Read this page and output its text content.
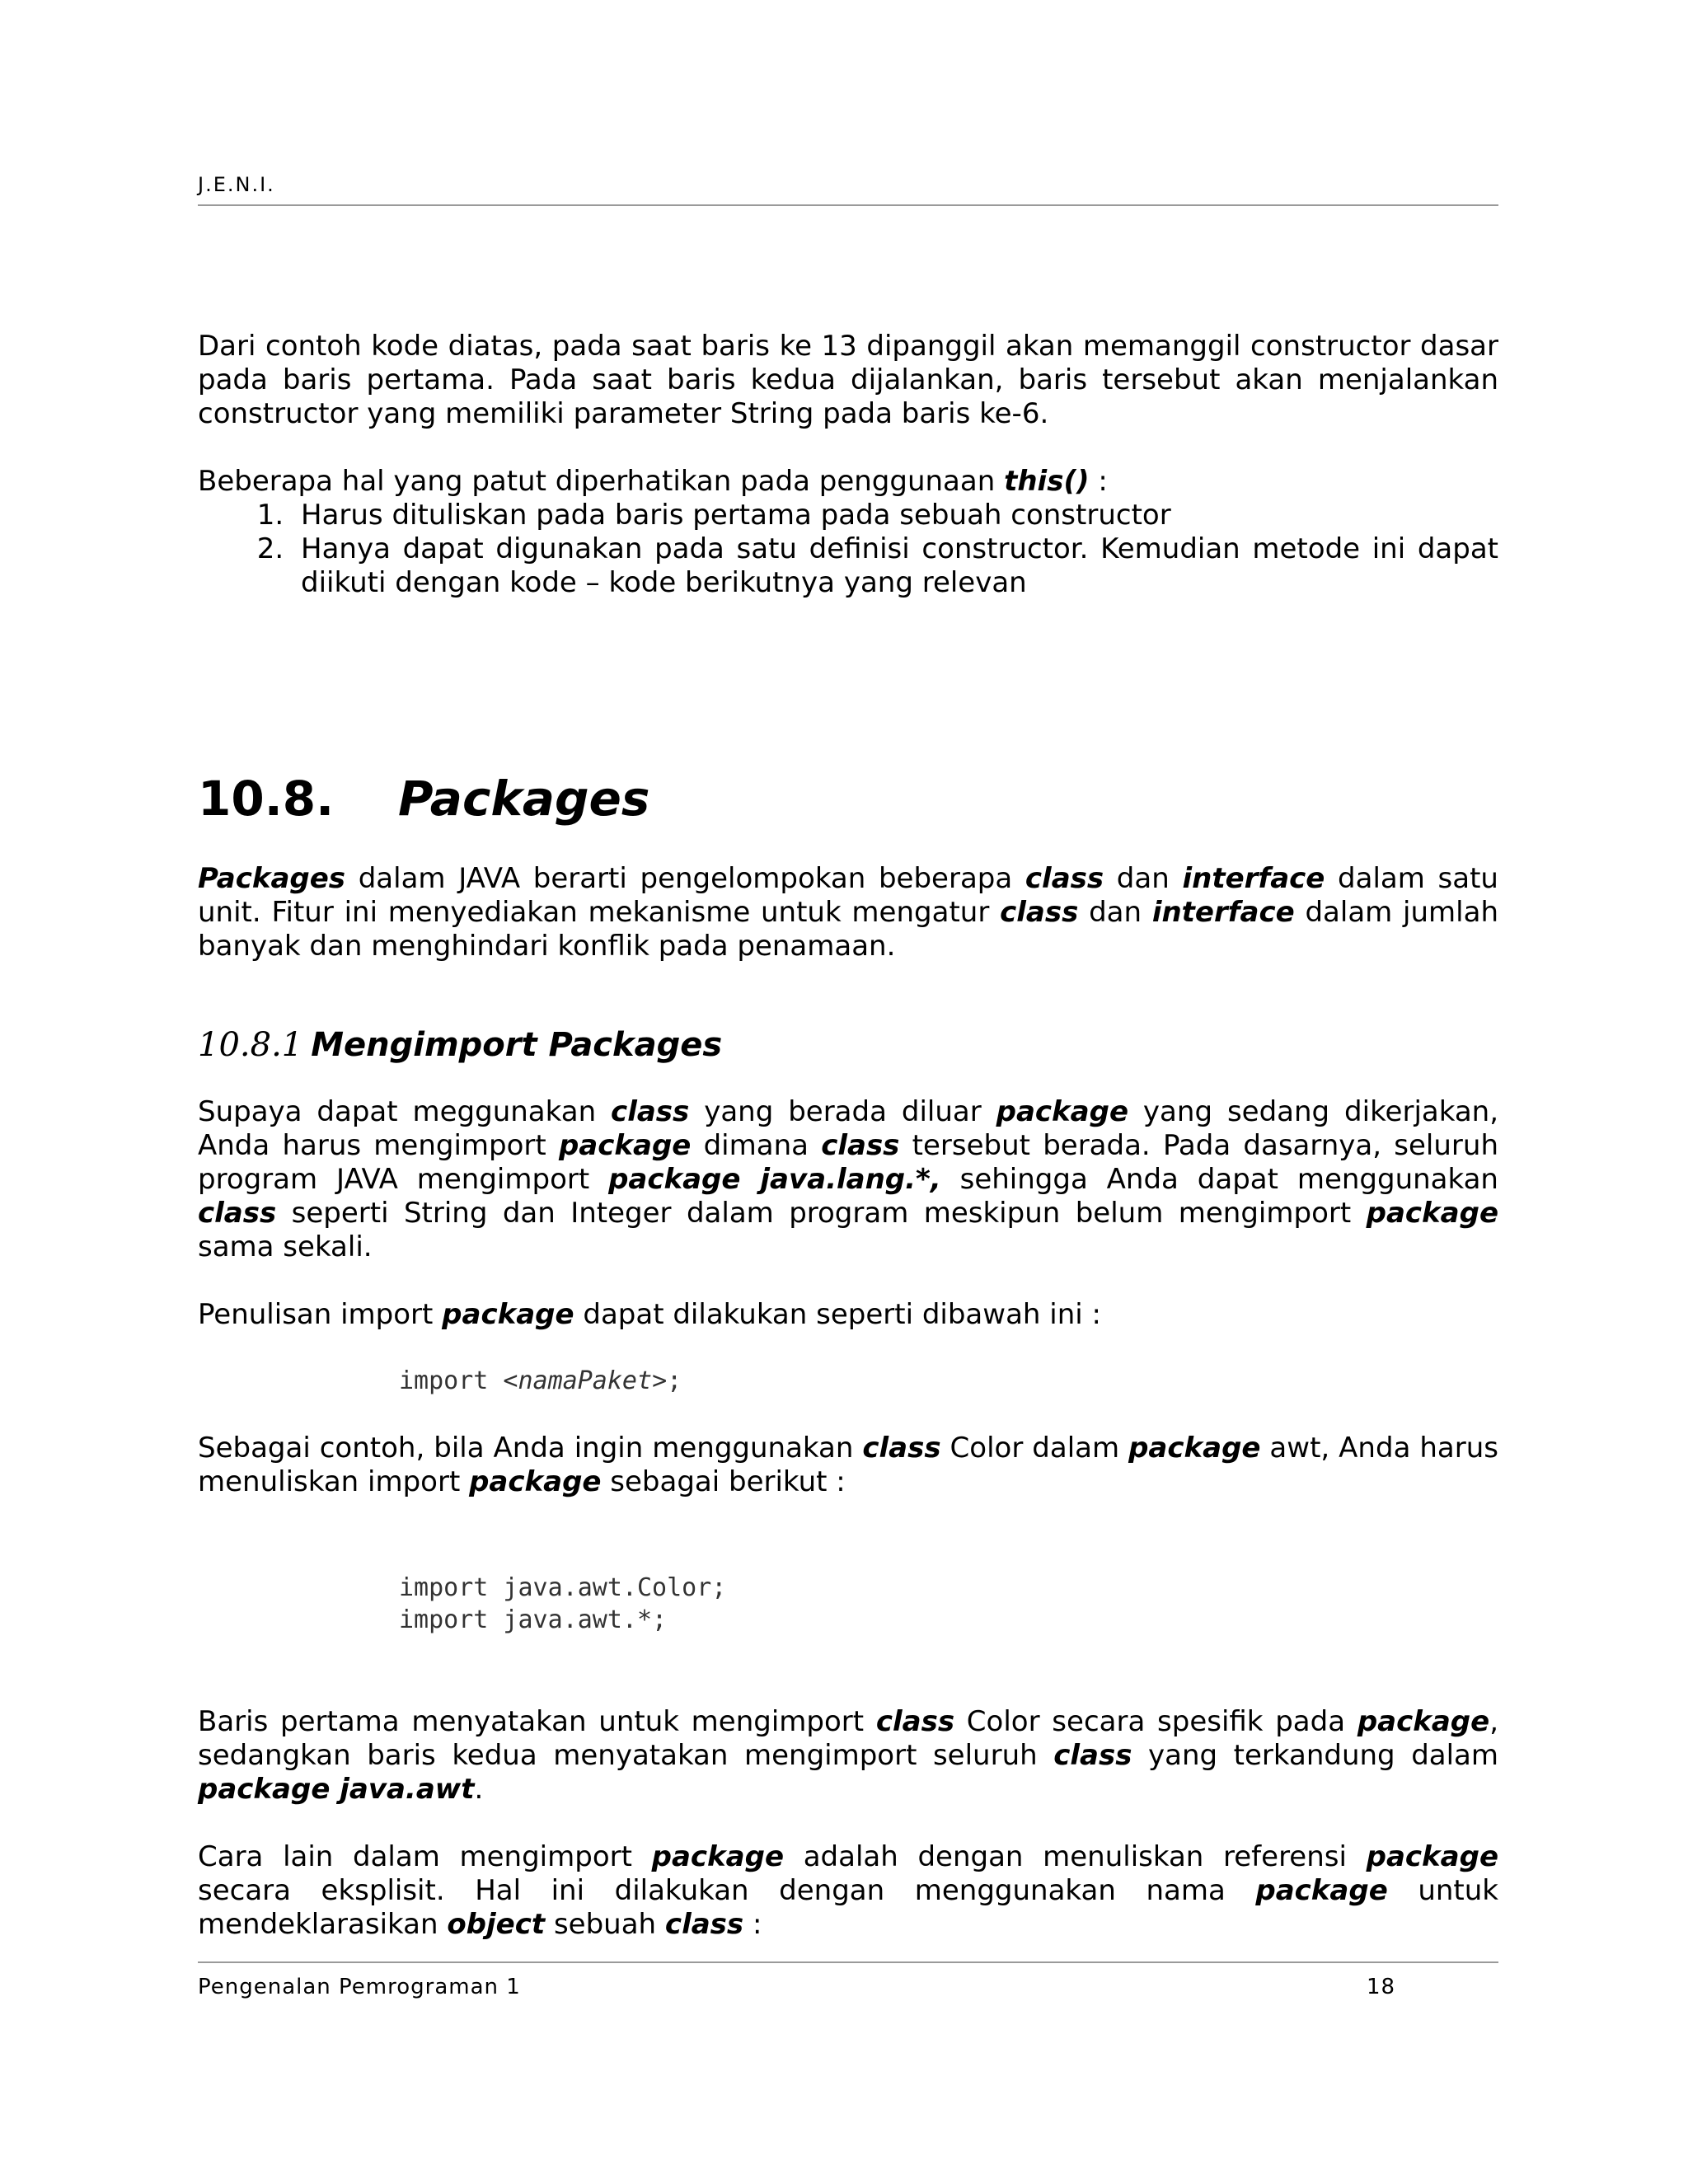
J.E.N.I.

Dari contoh kode diatas, pada saat baris ke 13 dipanggil akan memanggil constructor dasar pada baris pertama. Pada saat baris kedua dijalankan, baris tersebut akan menjalankan constructor yang memiliki parameter String pada baris ke-6.

Beberapa hal yang patut diperhatikan pada penggunaan this() :

1. Harus dituliskan pada baris pertama pada sebuah constructor
2. Hanya dapat digunakan pada satu definisi constructor. Kemudian metode ini dapat diikuti dengan kode – kode berikutnya yang relevan
10.8.	Packages

Packages dalam JAVA berarti pengelompokan beberapa class dan interface dalam satu unit. Fitur ini menyediakan mekanisme untuk mengatur class dan interface dalam jumlah banyak dan menghindari konflik pada penamaan.

10.8.1 Mengimport Packages

Supaya dapat meggunakan class yang berada diluar package yang sedang dikerjakan, Anda harus mengimport package dimana class tersebut berada. Pada dasarnya, seluruh program JAVA mengimport package java.lang.*, sehingga Anda dapat menggunakan class seperti String dan Integer dalam program meskipun belum mengimport package sama sekali.

Penulisan import package dapat dilakukan seperti dibawah ini :

import <namaPaket>;

Sebagai contoh, bila Anda ingin menggunakan class Color dalam package awt, Anda harus menuliskan import package sebagai berikut :

import java.awt.Color;
import java.awt.*;

Baris pertama menyatakan untuk mengimport class Color secara spesifik pada package, sedangkan baris kedua menyatakan mengimport seluruh class yang terkandung dalam package java.awt.

Cara lain dalam mengimport package adalah dengan menuliskan referensi package secara eksplisit. Hal ini dilakukan dengan menggunakan nama package untuk mendeklarasikan object sebuah class :

Pengenalan Pemrograman 1	18
